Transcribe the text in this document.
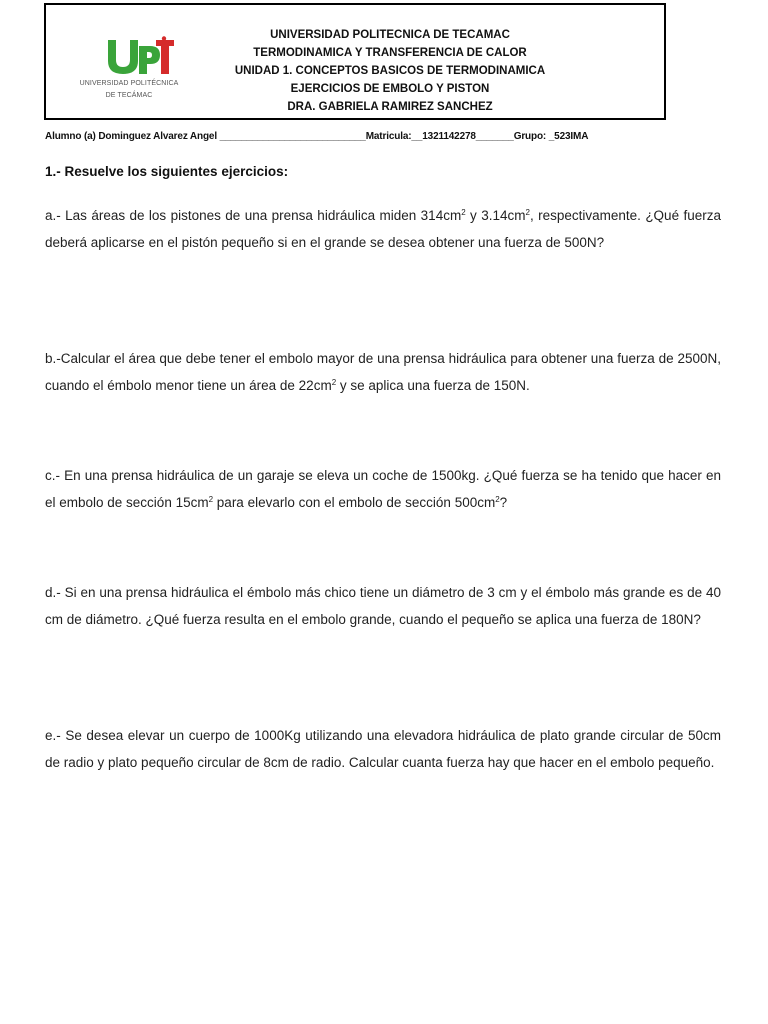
UNIVERSIDAD POLITÉCNICA
DE TECÁMAC
UNIVERSIDAD POLITECNICA DE TECAMAC
TERMODINAMICA Y TRANSFERENCIA DE CALOR
UNIDAD 1. CONCEPTOS BASICOS DE TERMODINAMICA
EJERCICIOS DE EMBOLO Y PISTON
DRA. GABRIELA RAMIREZ SANCHEZ
Alumno (a) Dominguez Alvarez Angel ___________________________Matricula:__1321142278_______Grupo: _523IMA
1.- Resuelve los siguientes ejercicios:
a.- Las áreas de los pistones de una prensa hidráulica miden $314cm^2$ y $3.14cm^2$, respectivamente. ¿Qué fuerza deberá aplicarse en el pistón pequeño si en el grande se desea obtener una fuerza de 500N?
b.-Calcular el área que debe tener el embolo mayor de una prensa hidráulica para obtener una fuerza de 2500N, cuando el émbolo menor tiene un área de $22cm^2$ y se aplica una fuerza de 150N.
c.- En una prensa hidráulica de un garaje se eleva un coche de 1500kg. ¿Qué fuerza se ha tenido que hacer en el embolo de sección $15cm^2$ para elevarlo con el embolo de sección $500cm^2$?
d.- Si en una prensa hidráulica el émbolo más chico tiene un diámetro de 3 cm y el émbolo más grande es de 40 cm de diámetro. ¿Qué fuerza resulta en el embolo grande, cuando el pequeño se aplica una fuerza de 180N?
e.- Se desea elevar un cuerpo de 1000Kg utilizando una elevadora hidráulica de plato grande circular de 50cm de radio y plato pequeño circular de 8cm de radio. Calcular cuanta fuerza hay que hacer en el embolo pequeño.
